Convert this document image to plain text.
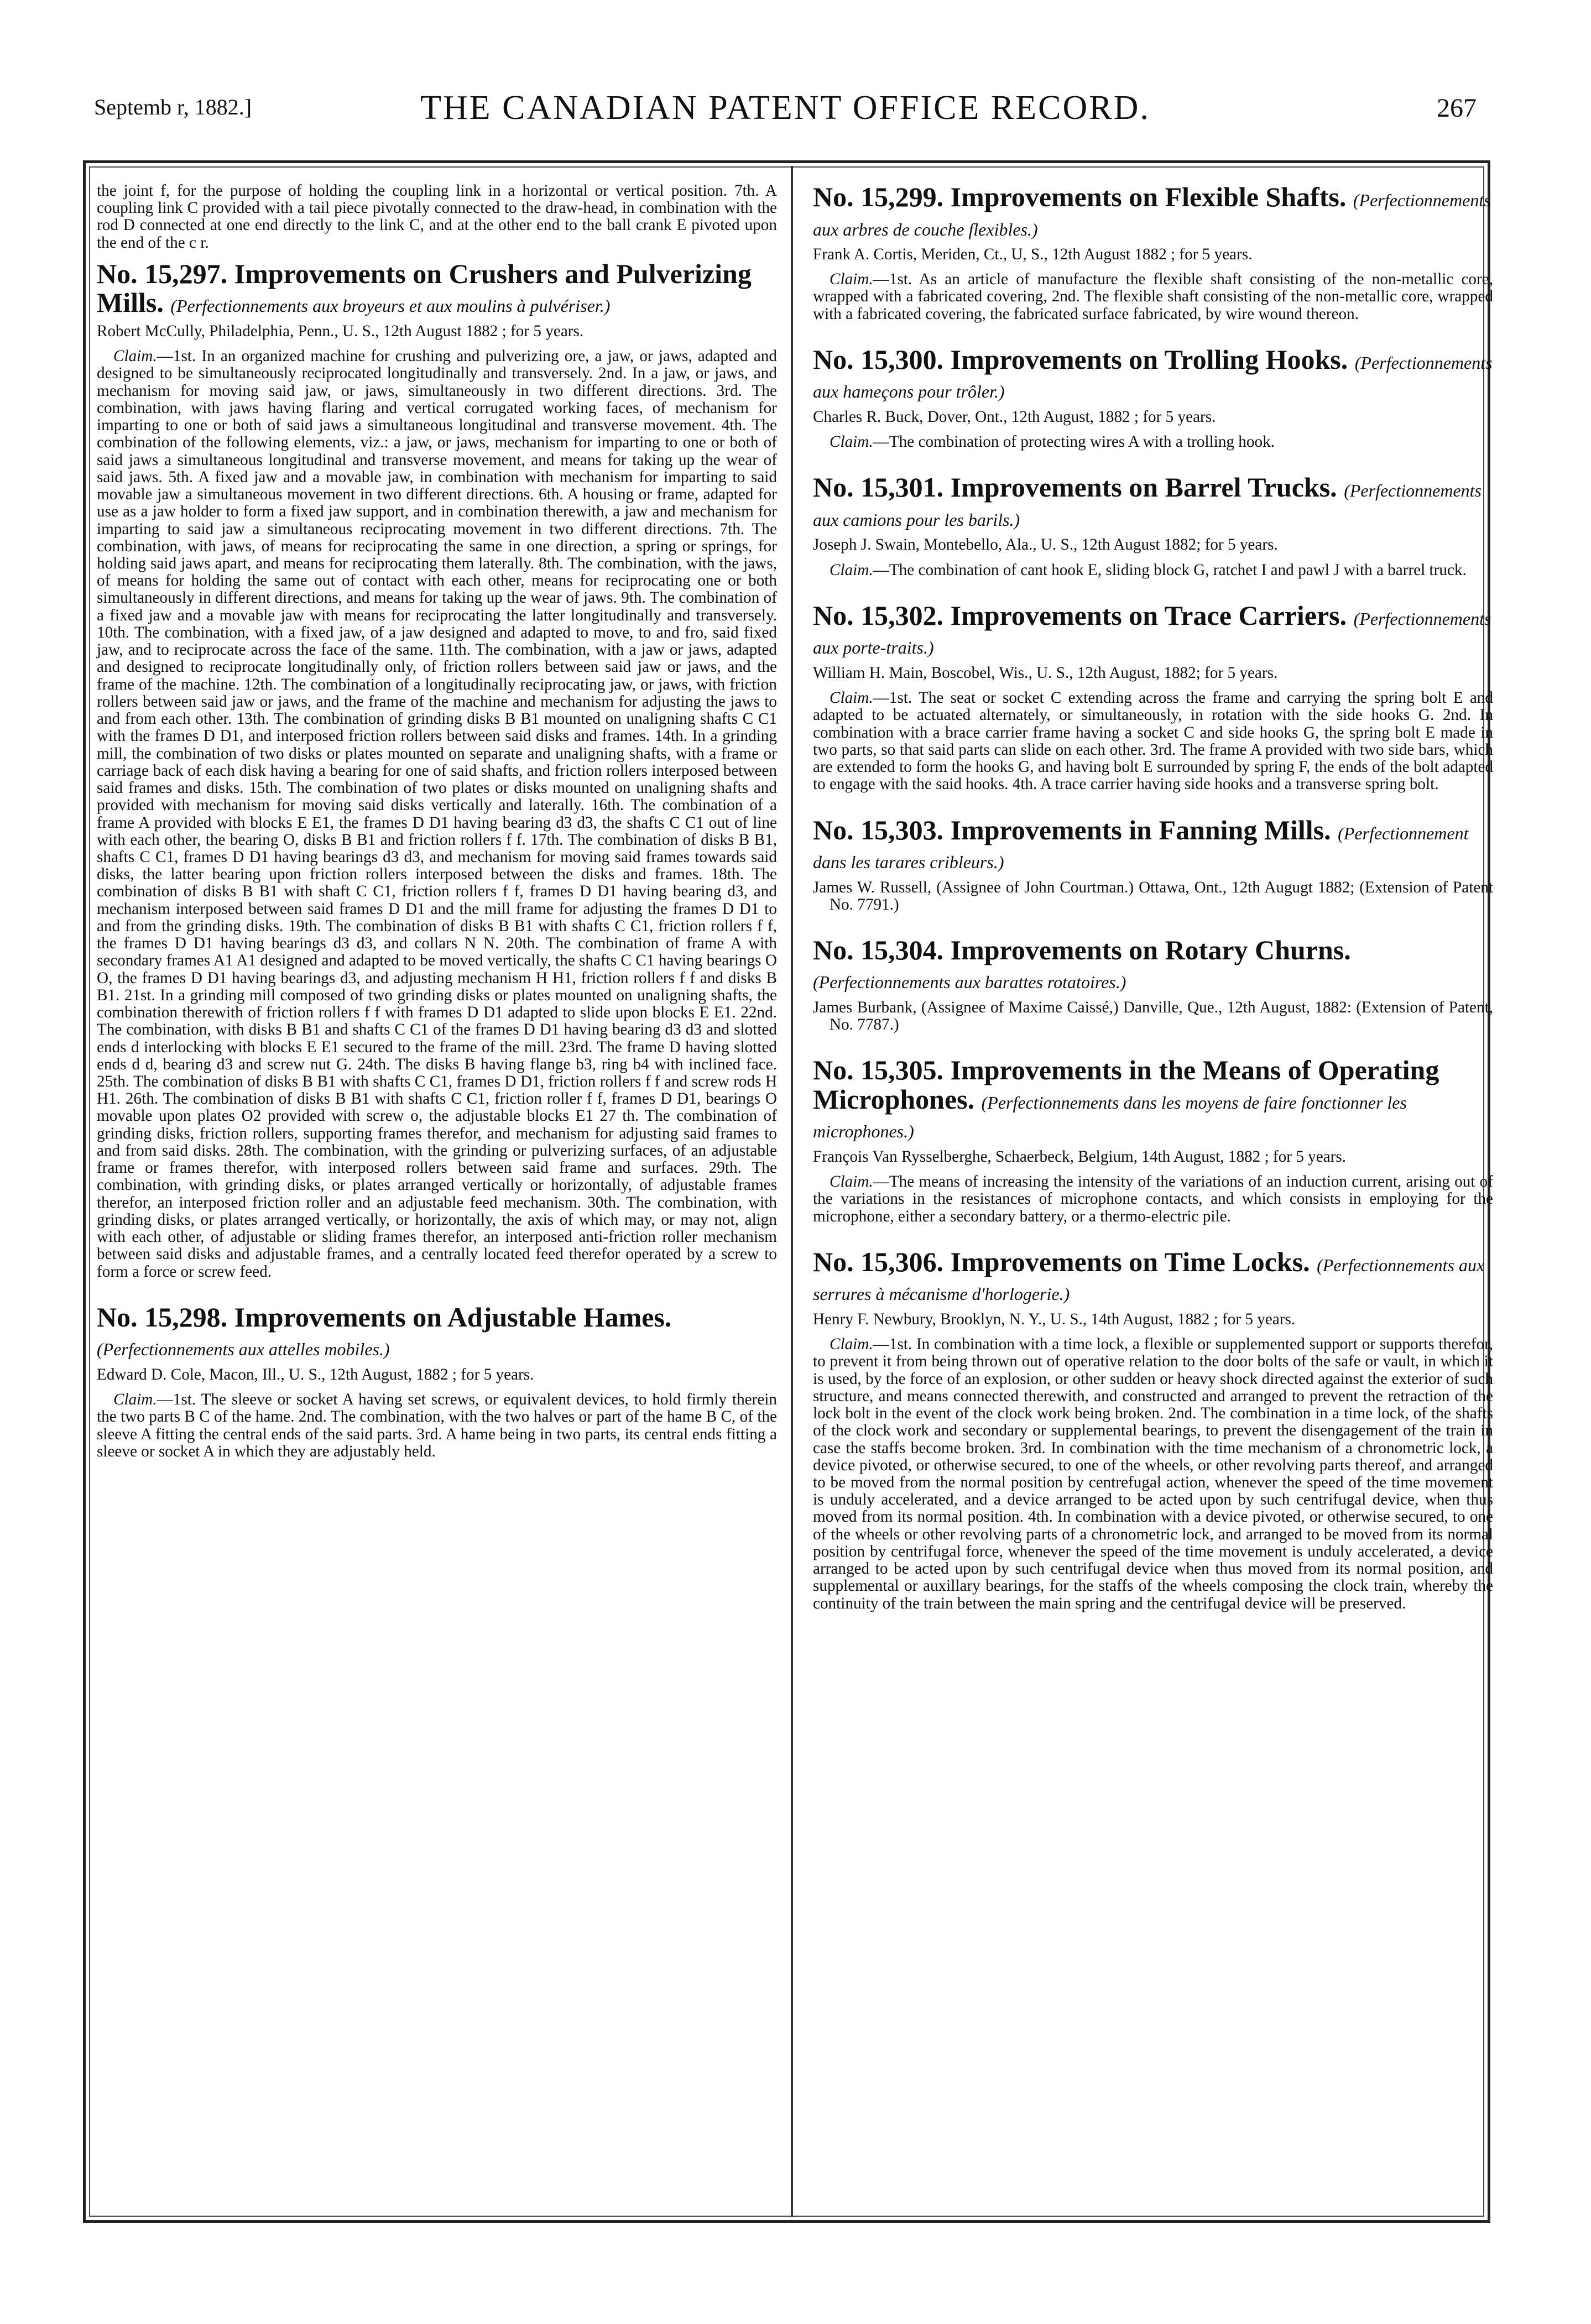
Septemb r, 1882.]	THE CANADIAN PATENT OFFICE RECORD.	267

the joint f, for the purpose of holding the coupling link in a horizontal or vertical position. 7th. A coupling link C provided with a tail piece pivotally connected to the draw-head, in combination with the rod D connected at one end directly to the link C, and at the other end to the ball crank E pivoted upon the end of the c r.

No. 15,297. Improvements on Crushers and Pulverizing Mills. (Perfectionnements aux broyeurs et aux moulins à pulvériser.)

Robert McCully, Philadelphia, Penn., U. S., 12th August 1882 ; for 5 years.

Claim.—1st. In an organized machine for crushing and pulverizing ore, a jaw, or jaws, adapted and designed to be simultaneously reciprocated longitudinally and transversely. 2nd. In a jaw, or jaws, and mechanism for moving said jaw, or jaws, simultaneously in two different directions. 3rd. The combination, with jaws having flaring and vertical corrugated working faces, of mechanism for imparting to one or both of said jaws a simultaneous longitudinal and transverse movement. 4th. The combination of the following elements, viz.: a jaw, or jaws, mechanism for imparting to one or both of said jaws a simultaneous longitudinal and transverse movement, and means for taking up the wear of said jaws. 5th. A fixed jaw and a movable jaw, in combination with mechanism for imparting to said movable jaw a simultaneous movement in two different directions. 6th. A housing or frame, adapted for use as a jaw holder to form a fixed jaw support, and in combination therewith, a jaw and mechanism for imparting to said jaw a simultaneous reciprocating movement in two different directions. 7th. The combination, with jaws, of means for reciprocating the same in one direction, a spring or springs, for holding said jaws apart, and means for reciprocating them laterally. 8th. The combination, with the jaws, of means for holding the same out of contact with each other, means for reciprocating one or both simultaneously in different directions, and means for taking up the wear of jaws. 9th. The combination of a fixed jaw and a movable jaw with means for reciprocating the latter longitudinally and transversely. 10th. The combination, with a fixed jaw, of a jaw designed and adapted to move, to and fro, said fixed jaw, and to reciprocate across the face of the same. 11th. The combination, with a jaw or jaws, adapted and designed to reciprocate longitudinally only, of friction rollers between said jaw or jaws, and the frame of the machine. 12th. The combination of a longitudinally reciprocating jaw, or jaws, with friction rollers between said jaw or jaws, and the frame of the machine and mechanism for adjusting the jaws to and from each other. 13th. The combination of grinding disks B B1 mounted on unaligning shafts C C1 with the frames D D1, and interposed friction rollers between said disks and frames. 14th. In a grinding mill, the combination of two disks or plates mounted on separate and unaligning shafts, with a frame or carriage back of each disk having a bearing for one of said shafts, and friction rollers interposed between said frames and disks. 15th. The combination of two plates or disks mounted on unaligning shafts and provided with mechanism for moving said disks vertically and laterally. 16th. The combination of a frame A provided with blocks E E1, the frames D D1 having bearing d3 d3, the shafts C C1 out of line with each other, the bearing O, disks B B1 and friction rollers f f. 17th. The combination of disks B B1, shafts C C1, frames D D1 having bearings d3 d3, and mechanism for moving said frames towards said disks, the latter bearing upon friction rollers interposed between the disks and frames. 18th. The combination of disks B B1 with shaft C C1, friction rollers f f, frames D D1 having bearing d3, and mechanism interposed between said frames D D1 and the mill frame for adjusting the frames D D1 to and from the grinding disks. 19th. The combination of disks B B1 with shafts C C1, friction rollers f f, the frames D D1 having bearings d3 d3, and collars N N. 20th. The combination of frame A with secondary frames A1 A1 designed and adapted to be moved vertically, the shafts C C1 having bearings O O, the frames D D1 having bearings d3, and adjusting mechanism H H1, friction rollers f f and disks B B1. 21st. In a grinding mill composed of two grinding disks or plates mounted on unaligning shafts, the combination therewith of friction rollers f f with frames D D1 adapted to slide upon blocks E E1. 22nd. The combination, with disks B B1 and shafts C C1 of the frames D D1 having bearing d3 d3 and slotted ends d interlocking with blocks E E1 secured to the frame of the mill. 23rd. The frame D having slotted ends d d, bearing d3 and screw nut G. 24th. The disks B having flange b3, ring b4 with inclined face. 25th. The combination of disks B B1 with shafts C C1, frames D D1, friction rollers f f and screw rods H H1. 26th. The combination of disks B B1 with shafts C C1, friction roller f f, frames D D1, bearings O movable upon plates O2 provided with screw o, the adjustable blocks E1 27 th. The combination of grinding disks, friction rollers, supporting frames therefor, and mechanism for adjusting said frames to and from said disks. 28th. The combination, with the grinding or pulverizing surfaces, of an adjustable frame or frames therefor, with interposed rollers between said frame and surfaces. 29th. The combination, with grinding disks, or plates arranged vertically or horizontally, of adjustable frames therefor, an interposed friction roller and an adjustable feed mechanism. 30th. The combination, with grinding disks, or plates arranged vertically, or horizontally, the axis of which may, or may not, align with each other, of adjustable or sliding frames therefor, an interposed anti-friction roller mechanism between said disks and adjustable frames, and a centrally located feed therefor operated by a screw to form a force or screw feed.

No. 15,298. Improvements on Adjustable Hames. (Perfectionnements aux attelles mobiles.)

Edward D. Cole, Macon, Ill., U. S., 12th August, 1882 ; for 5 years.

Claim.—1st. The sleeve or socket A having set screws, or equivalent devices, to hold firmly therein the two parts B C of the hame. 2nd. The combination, with the two halves or part of the hame B C, of the sleeve A fitting the central ends of the said parts. 3rd. A hame being in two parts, its central ends fitting a sleeve or socket A in which they are adjustably held.

No. 15,299. Improvements on Flexible Shafts. (Perfectionnements aux arbres de couche flexibles.)

Frank A. Cortis, Meriden, Ct., U, S., 12th August 1882 ; for 5 years.

Claim.—1st. As an article of manufacture the flexible shaft consisting of the non-metallic core, wrapped with a fabricated covering, 2nd. The flexible shaft consisting of the non-metallic core, wrapped with a fabricated covering, the fabricated surface fabricated, by wire wound thereon.

No. 15,300. Improvements on Trolling Hooks. (Perfectionnements aux hameçons pour trôler.)

Charles R. Buck, Dover, Ont., 12th August, 1882 ; for 5 years.

Claim.—The combination of protecting wires A with a trolling hook.

No. 15,301. Improvements on Barrel Trucks. (Perfectionnements aux camions pour les barils.)

Joseph J. Swain, Montebello, Ala., U. S., 12th August 1882; for 5 years.

Claim.—The combination of cant hook E, sliding block G, ratchet I and pawl J with a barrel truck.

No. 15,302. Improvements on Trace Carriers. (Perfectionnements aux porte-traits.)

William H. Main, Boscobel, Wis., U. S., 12th August, 1882; for 5 years.

Claim.—1st. The seat or socket C extending across the frame and carrying the spring bolt E and adapted to be actuated alternately, or simultaneously, in rotation with the side hooks G. 2nd. In combination with a brace carrier frame having a socket C and side hooks G, the spring bolt E made in two parts, so that said parts can slide on each other. 3rd. The frame A provided with two side bars, which are extended to form the hooks G, and having bolt E surrounded by spring F, the ends of the bolt adapted to engage with the said hooks. 4th. A trace carrier having side hooks and a transverse spring bolt.

No. 15,303. Improvements in Fanning Mills. (Perfectionnement dans les tarares cribleurs.)

James W. Russell, (Assignee of John Courtman.) Ottawa, Ont., 12th Augugt 1882; (Extension of Patent No. 7791.)

No. 15,304. Improvements on Rotary Churns. (Perfectionnements aux barattes rotatoires.)

James Burbank, (Assignee of Maxime Caissé,) Danville, Que., 12th August, 1882: (Extension of Patent, No. 7787.)

No. 15,305. Improvements in the Means of Operating Microphones. (Perfectionnements dans les moyens de faire fonctionner les microphones.)

François Van Rysselberghe, Schaerbeck, Belgium, 14th August, 1882 ; for 5 years.

Claim.—The means of increasing the intensity of the variations of an induction current, arising out of the variations in the resistances of microphone contacts, and which consists in employing for the microphone, either a secondary battery, or a thermo-electric pile.

No. 15,306. Improvements on Time Locks. (Perfectionnements aux serrures à mécanisme d'horlogerie.)

Henry F. Newbury, Brooklyn, N. Y., U. S., 14th August, 1882 ; for 5 years.

Claim.—1st. In combination with a time lock, a flexible or supplemented support or supports therefor, to prevent it from being thrown out of operative relation to the door bolts of the safe or vault, in which it is used, by the force of an explosion, or other sudden or heavy shock directed against the exterior of such structure, and means connected therewith, and constructed and arranged to prevent the retraction of the lock bolt in the event of the clock work being broken. 2nd. The combination in a time lock, of the shafts of the clock work and secondary or supplemental bearings, to prevent the disengagement of the train in case the staffs become broken. 3rd. In combination with the time mechanism of a chronometric lock, a device pivoted, or otherwise secured, to one of the wheels, or other revolving parts thereof, and arranged to be moved from the normal position by centrefugal action, whenever the speed of the time movement is unduly accelerated, and a device arranged to be acted upon by such centrifugal device, when thus moved from its normal position. 4th. In combination with a device pivoted, or otherwise secured, to one of the wheels or other revolving parts of a chronometric lock, and arranged to be moved from its normal position by centrifugal force, whenever the speed of the time movement is unduly accelerated, a device arranged to be acted upon by such centrifugal device when thus moved from its normal position, and supplemental or auxillary bearings, for the staffs of the wheels composing the clock train, whereby the continuity of the train between the main spring and the centrifugal device will be preserved.
